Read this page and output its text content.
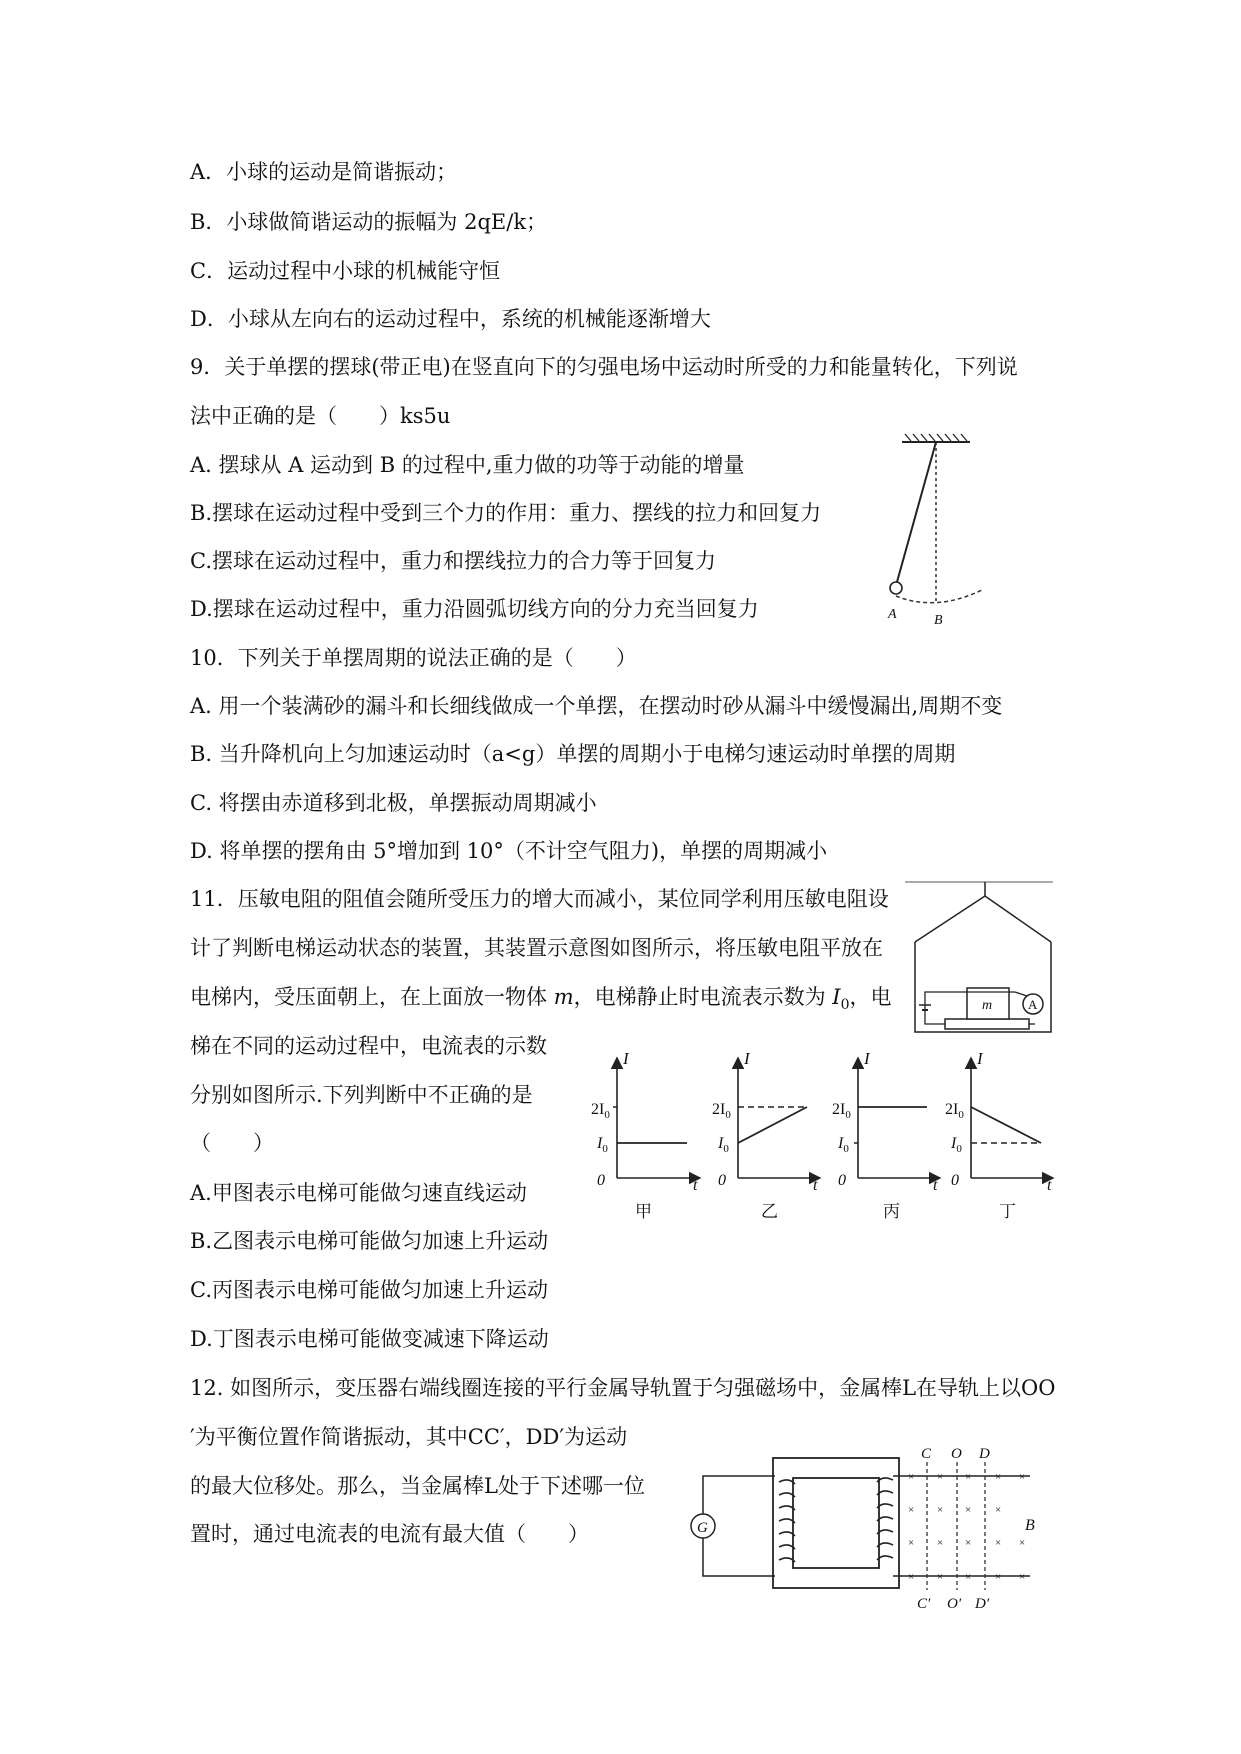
A．小球的运动是简谐振动；
B．小球做简谐运动的振幅为 2qE/k；
C．运动过程中小球的机械能守恒
D．小球从左向右的运动过程中，系统的机械能逐渐增大
9．关于单摆的摆球(带正电)在竖直向下的匀强电场中运动时所受的力和能量转化，下列说
法中正确的是（　　）ks5u
A. 摆球从 A 运动到 B 的过程中,重力做的功等于动能的增量
B.摆球在运动过程中受到三个力的作用：重力、摆线的拉力和回复力
C.摆球在运动过程中，重力和摆线拉力的合力等于回复力
D.摆球在运动过程中，重力沿圆弧切线方向的分力充当回复力	A	B
10．下列关于单摆周期的说法正确的是（　　）
A. 用一个装满砂的漏斗和长细线做成一个单摆，在摆动时砂从漏斗中缓慢漏出,周期不变
B. 当升降机向上匀加速运动时（a<g）单摆的周期小于电梯匀速运动时单摆的周期
C. 将摆由赤道移到北极，单摆振动周期减小
D. 将单摆的摆角由 5°增加到 10°（不计空气阻力)，单摆的周期减小
11．压敏电阻的阻值会随所受压力的增大而减小，某位同学利用压敏电阻设
计了判断电梯运动状态的装置，其装置示意图如图所示，将压敏电阻平放在
电梯内，受压面朝上，在上面放一物体 m，电梯静止时电流表示数为 $I_0$，电
梯在不同的运动过程中，电流表的示数
分别如图所示.下列判断中不正确的是
（　　）
A.甲图表示电梯可能做匀速直线运动
B.乙图表示电梯可能做匀加速上升运动
C.丙图表示电梯可能做匀加速上升运动
D.丁图表示电梯可能做变减速下降运动
m	A
I
$2I_0$
$I_0$
0	t
甲
I
$2I_0$
$I_0$
0	t
乙
I
$2I_0$
$I_0$
0	t
丙
I
$2I_0$
$I_0$
0	t
丁
12. 如图所示，变压器右端线圈连接的平行金属导轨置于匀强磁场中，金属棒L在导轨上以OO
′为平衡位置作简谐振动，其中CC′，DD′为运动
的最大位移处。那么，当金属棒L处于下述哪一位
置时，通过电流表的电流有最大值（　　）	G
C O D
C′ O′ D′
B
× × × × ×
× × × ×
× × × × ×
× × × × ×
